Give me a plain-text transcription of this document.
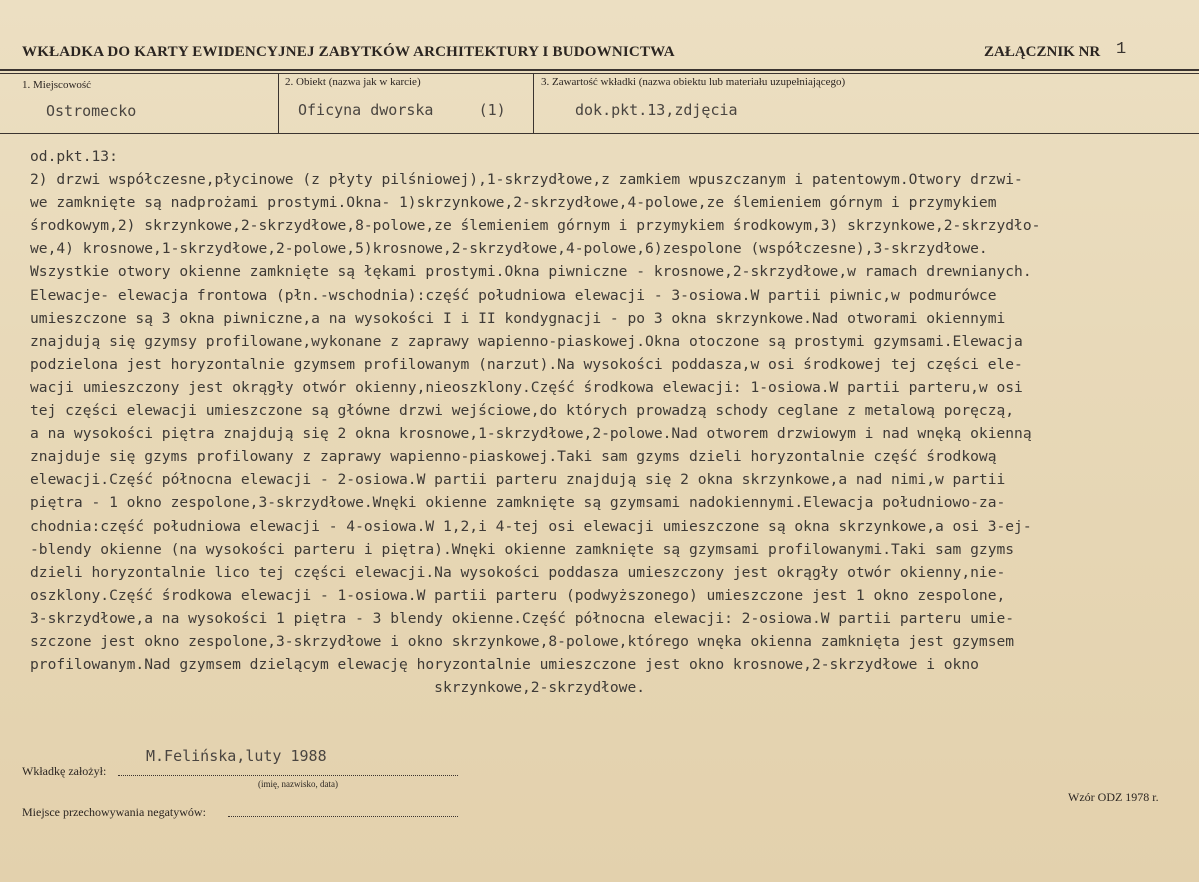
WKŁADKA DO KARTY EWIDENCYJNEJ ZABYTKÓW ARCHITEKTURY I BUDOWNICTWA	ZAŁĄCZNIK NR 1
1. Miejscowość
Ostromecko
2. Obiekt (nazwa jak w karcie)
Oficyna dworska     (1)
3. Zawartość wkładki (nazwa obiektu lub materiału uzupełniającego)
dok.pkt.13,zdjęcia
od.pkt.13:
2) drzwi współczesne,płycinowe (z płyty pilśniowej),1-skrzydłowe,z zamkiem wpuszczanym i patentowym.Otwory drzwi-
we zamknięte są nadprożami prostymi.Okna- 1)skrzynkowe,2-skrzydłowe,4-polowe,ze ślemieniem górnym i przymykiem
środkowym,2) skrzynkowe,2-skrzydłowe,8-polowe,ze ślemieniem górnym i przymykiem środkowym,3) skrzynkowe,2-skrzydło-
we,4) krosnowe,1-skrzydłowe,2-polowe,5)krosnowe,2-skrzydłowe,4-polowe,6)zespolone (współczesne),3-skrzydłowe.
Wszystkie otwory okienne zamknięte są łękami prostymi.Okna piwniczne - krosnowe,2-skrzydłowe,w ramach drewnianych.
Elewacje- elewacja frontowa (płn.-wschodnia):część południowa elewacji - 3-osiowa.W partii piwnic,w podmurówce
umieszczone są 3 okna piwniczne,a na wysokości I i II kondygnacji - po 3 okna skrzynkowe.Nad otworami okiennymi
znajdują się gzymsy profilowane,wykonane z zaprawy wapienno-piaskowej.Okna otoczone są prostymi gzymsami.Elewacja
podzielona jest horyzontalnie gzymsem profilowanym (narzut).Na wysokości poddasza,w osi środkowej tej części ele-
wacji umieszczony jest okrągły otwór okienny,nieoszklony.Część środkowa elewacji: 1-osiowa.W partii parteru,w osi
tej części elewacji umieszczone są główne drzwi wejściowe,do których prowadzą schody ceglane z metalową poręczą,
a na wysokości piętra znajdują się 2 okna krosnowe,1-skrzydłowe,2-polowe.Nad otworem drzwiowym i nad wnęką okienną
znajduje się gzyms profilowany z zaprawy wapienno-piaskowej.Taki sam gzyms dzieli horyzontalnie część środkową
elewacji.Część północna elewacji - 2-osiowa.W partii parteru znajdują się 2 okna skrzynkowe,a nad nimi,w partii
piętra - 1 okno zespolone,3-skrzydłowe.Wnęki okienne zamknięte są gzymsami nadokiennymi.Elewacja południowo-za-
chodnia:część południowa elewacji - 4-osiowa.W 1,2,i 4-tej osi elewacji umieszczone są okna skrzynkowe,a osi 3-ej-
-blendy okienne (na wysokości parteru i piętra).Wnęki okienne zamknięte są gzymsami profilowanymi.Taki sam gzyms
dzieli horyzontalnie lico tej części elewacji.Na wysokości poddasza umieszczony jest okrągły otwór okienny,nie-
oszklony.Część środkowa elewacji - 1-osiowa.W partii parteru (podwyższonego) umieszczone jest 1 okno zespolone,
3-skrzydłowe,a na wysokości 1 piętra - 3 blendy okienne.Część północna elewacji: 2-osiowa.W partii parteru umie-
szczone jest okno zespolone,3-skrzydłowe i okno skrzynkowe,8-polowe,którego wnęka okienna zamknięta jest gzymsem
profilowanym.Nad gzymsem dzielącym elewację horyzontalnie umieszczone jest okno krosnowe,2-skrzydłowe i okno
skrzynkowe,2-skrzydłowe.
Wkładkę założył:
M.Felińska,luty 1988
(imię, nazwisko, data)
Miejsce przechowywania negatywów:
Wzór ODZ 1978 r.
